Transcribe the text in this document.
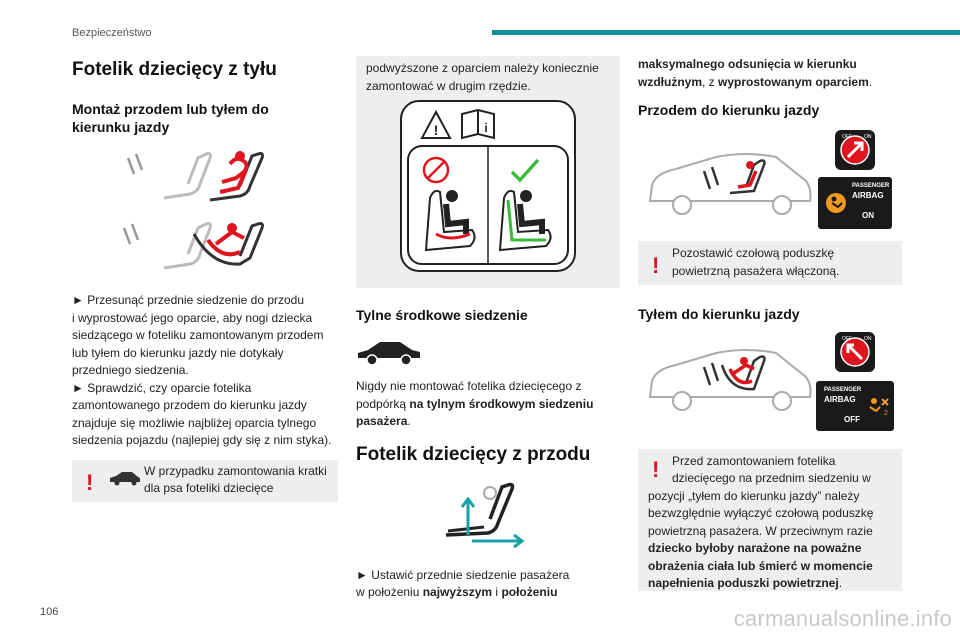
Bezpieczeństwo
Fotelik dziecięcy z tyłu
Montaż przodem lub tyłem do kierunku jazdy

► Przesunąć przednie siedzenie do przodu

i wyprostować jego oparcie, aby nogi dziecka

siedzącego w foteliku zamontowanym przodem

lub tyłem do kierunku jazdy nie dotykały

przedniego siedzenia.

► Sprawdzić, czy oparcie fotelika

zamontowanego przodem do kierunku jazdy

znajduje się możliwie najbliżej oparcia tylnego

siedzenia pojazdu (najlepiej gdy się z nim styka).

!	W przypadku zamontowania kratki

dla psa foteliki dziecięce

podwyższone z oparciem należy koniecznie

zamontować w drugim rzędzie.

!	i
Tylne środkowe siedzenie

Nigdy nie montować fotelika dziecięcego z

podpórką na tylnym środkowym siedzeniu

pasażera.

Fotelik dziecięcy z przodu

► Ustawić przednie siedzenie pasażera

w położeniu najwyższym i położeniu

maksymalnego odsunięcia w kierunku

wzdłużnym, z wyprostowanym oparciem.

Przodem do kierunku jazdy
OFF ON
PASSENGER
AIRBAG
ON
! Pozostawić czołową poduszkę

powietrzną pasażera włączoną.

Tyłem do kierunku jazdy
OFF ON
PASSENGER
AIRBAG
2
OFF
! Przed zamontowaniem fotelika

dziecięcego na przednim siedzeniu w

pozycji „tyłem do kierunku jazdy” należy

bezwzględnie wyłączyć czołową poduszkę

powietrzną pasażera. W przeciwnym razie

dziecko byłoby narażone na poważne

obrażenia ciała lub śmierć w momencie

napełnienia poduszki powietrznej.

106	carmanualsonline.info
